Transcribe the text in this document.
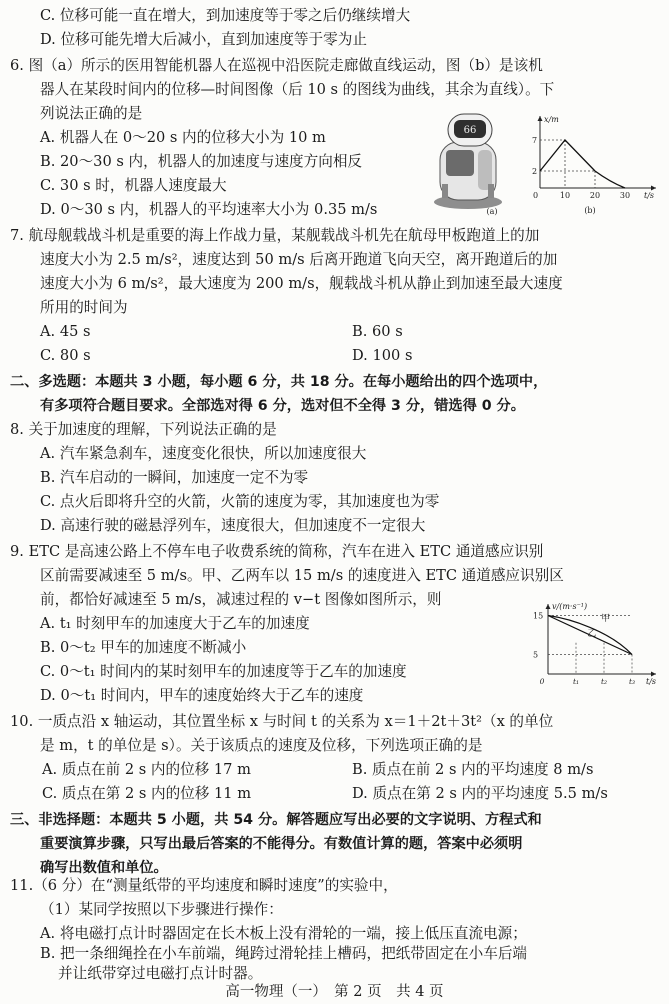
C. 位移可能一直在增大，到加速度等于零之后仍继续增大
D. 位移可能先增大后减小，直到加速度等于零为止
6. 图（a）所示的医用智能机器人在巡视中沿医院走廊做直线运动，图（b）是该机
器人在某段时间内的位移—时间图像（后 10 s 的图线为曲线，其余为直线）。下
列说法正确的是
A. 机器人在 0～20 s 内的位移大小为 10 m
B. 20～30 s 内，机器人的加速度与速度方向相反
C. 30 s 时，机器人速度最大
D. 0～30 s 内，机器人的平均速率大小为 0.35 m/s
66
(a)
x/m
t/s
0	10 20 30
7
2
(b)
7. 航母舰载战斗机是重要的海上作战力量，某舰载战斗机先在航母甲板跑道上的加
速度大小为 2.5 m/s²，速度达到 50 m/s 后离开跑道飞向天空，离开跑道后的加
速度大小为 6 m/s²，最大速度为 200 m/s，舰载战斗机从静止到加速至最大速度
所用的时间为
A. 45 s	B. 60 s
C. 80 s	D. 100 s
二、多选题：本题共 3 小题，每小题 6 分，共 18 分。在每小题给出的四个选项中，
有多项符合题目要求。全部选对得 6 分，选对但不全得 3 分，错选得 0 分。
8. 关于加速度的理解，下列说法正确的是
A. 汽车紧急刹车，速度变化很快，所以加速度很大
B. 汽车启动的一瞬间，加速度一定不为零
C. 点火后即将升空的火箭，火箭的速度为零，其加速度也为零
D. 高速行驶的磁悬浮列车，速度很大，但加速度不一定很大
9. ETC 是高速公路上不停车电子收费系统的简称，汽车在进入 ETC 通道感应识别
区前需要减速至 5 m/s。甲、乙两车以 15 m/s 的速度进入 ETC 通道感应识别区
前，都恰好减速至 5 m/s，减速过程的 v−t 图像如图所示，则
A. t₁ 时刻甲车的加速度大于乙车的加速度
B. 0～t₂ 甲车的加速度不断减小
C. 0～t₁ 时间内的某时刻甲车的加速度等于乙车的加速度
D. 0～t₁ 时间内，甲车的速度始终大于乙车的速度
v/(m·s⁻¹)
t/s
5
15
0	t₁	t₂	t₃
甲
乙
10. 一质点沿 x 轴运动，其位置坐标 x 与时间 t 的关系为 x＝1＋2t＋3t²（x 的单位
是 m，t 的单位是 s）。关于该质点的速度及位移，下列选项正确的是
A. 质点在前 2 s 内的位移 17 m	B. 质点在前 2 s 内的平均速度 8 m/s
C. 质点在第 2 s 内的位移 11 m	D. 质点在第 2 s 内的平均速度 5.5 m/s
三、非选择题：本题共 5 小题，共 54 分。解答题应写出必要的文字说明、方程式和
重要演算步骤，只写出最后答案的不能得分。有数值计算的题，答案中必须明
确写出数值和单位。
11.（6 分）在“测量纸带的平均速度和瞬时速度”的实验中，
（1）某同学按照以下步骤进行操作：
A. 将电磁打点计时器固定在长木板上没有滑轮的一端，接上低压直流电源；
高一物理（一）　第 2 页　共 4 页
B. 把一条细绳拴在小车前端，绳跨过滑轮挂上槽码，把纸带固定在小车后端
并让纸带穿过电磁打点计时器。
